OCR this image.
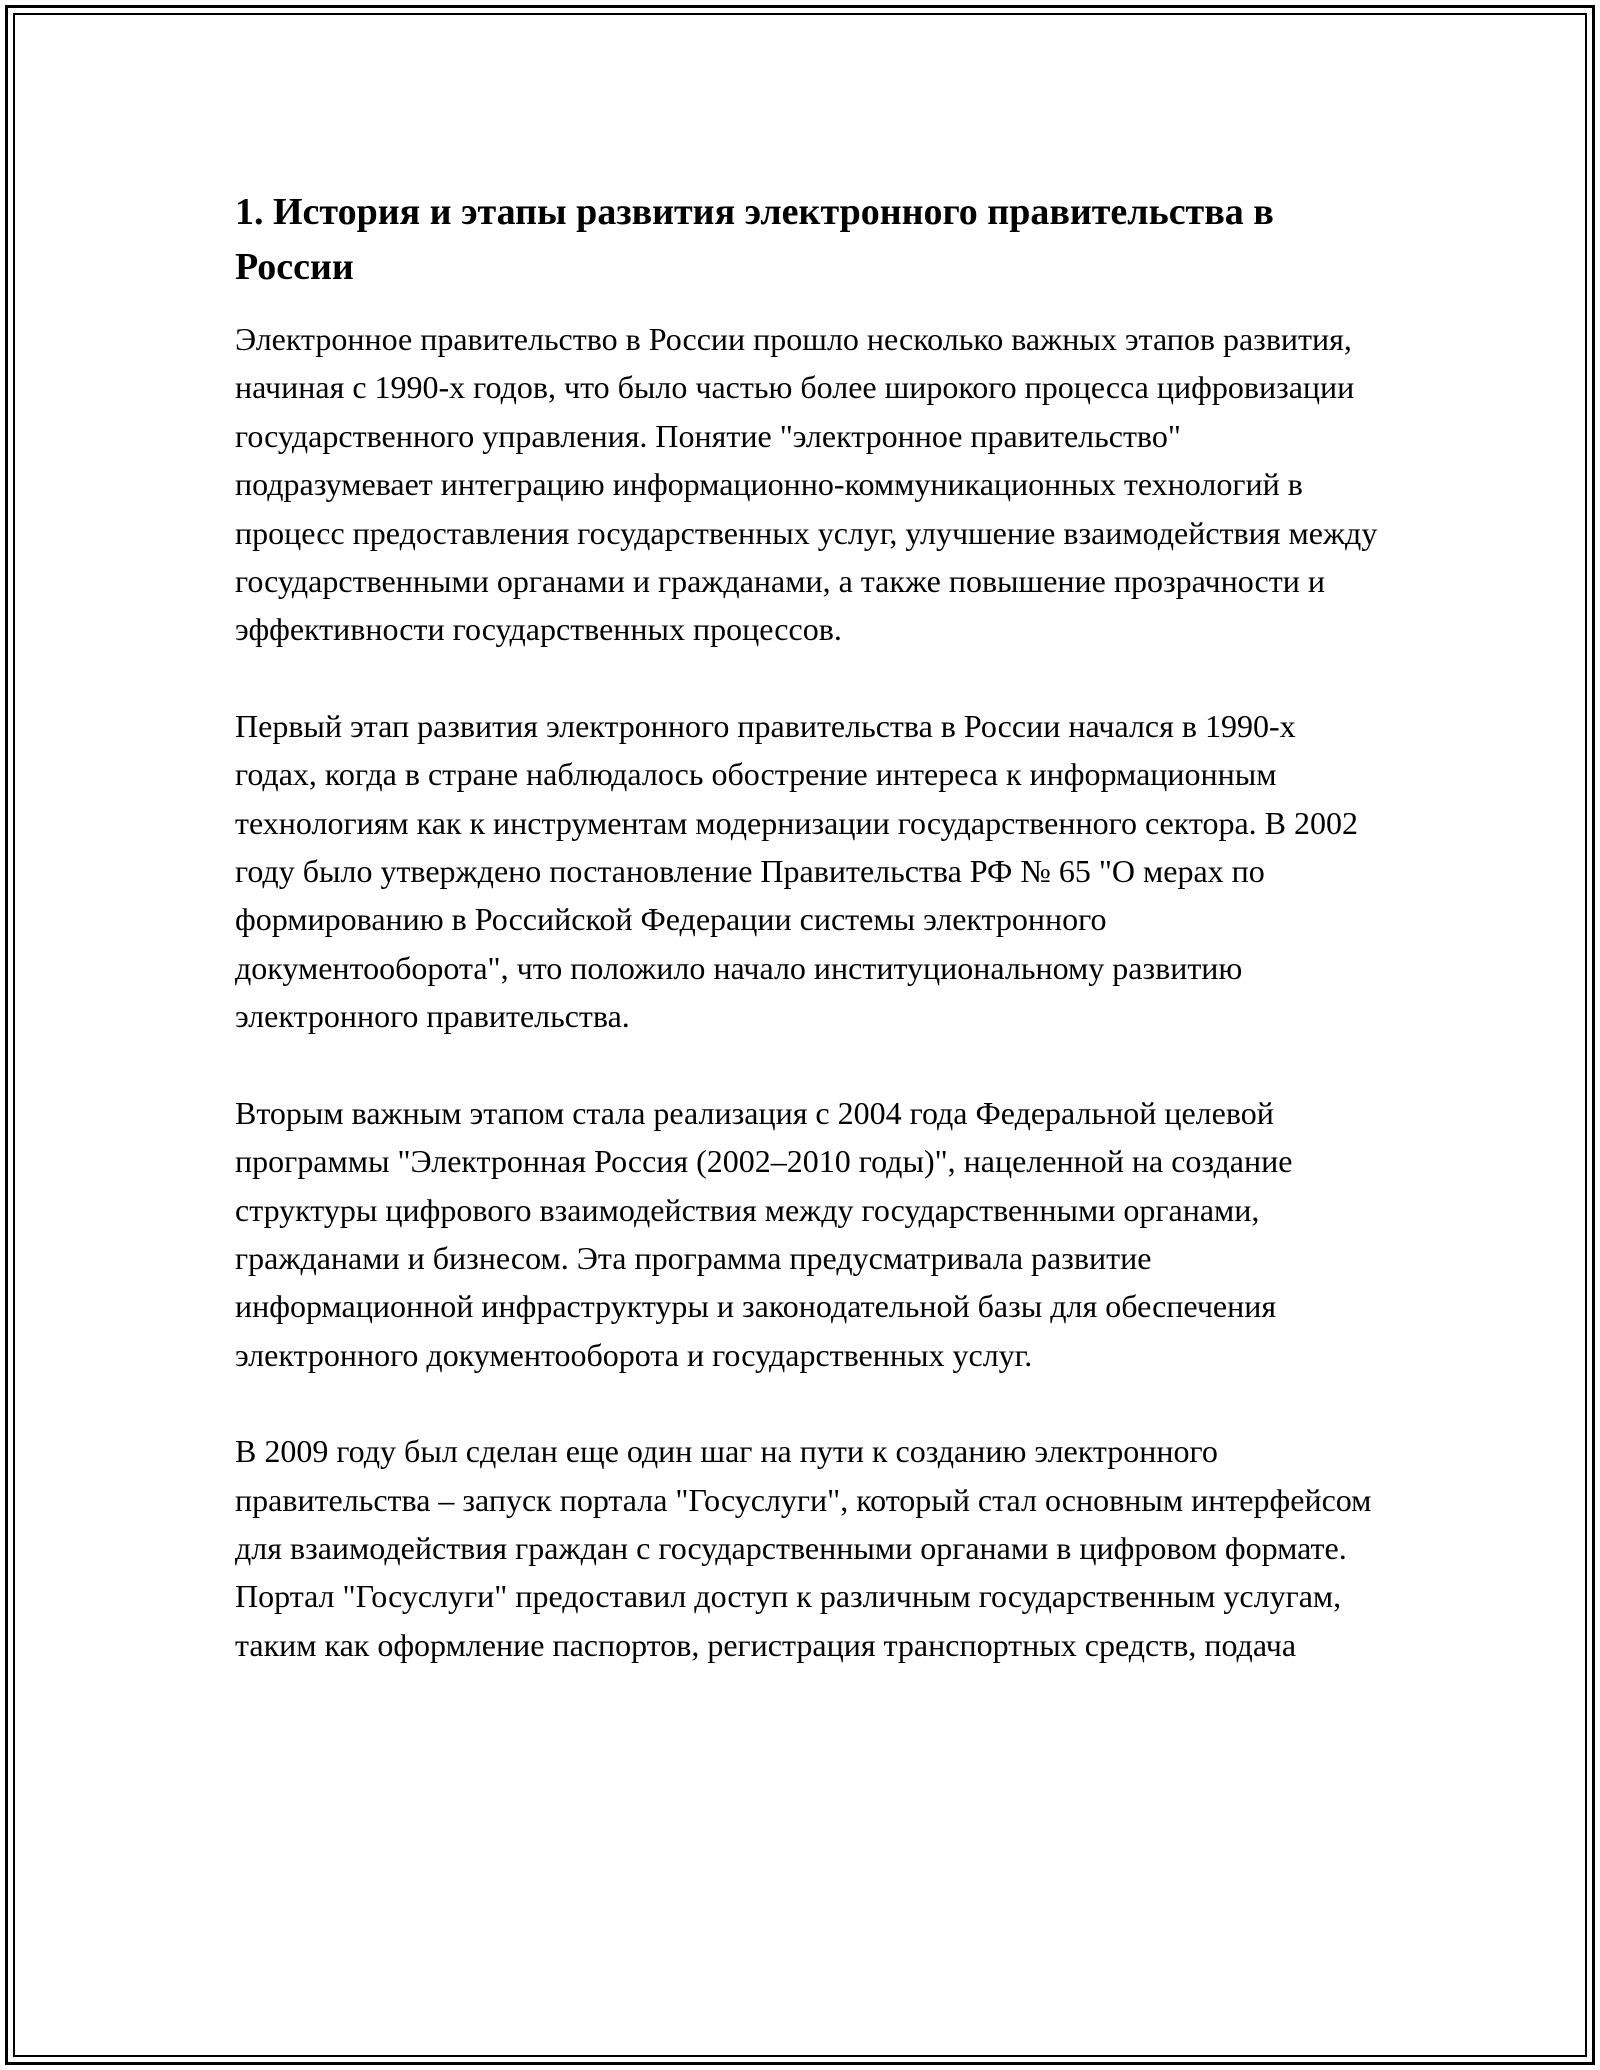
1. История и этапы развития электронного правительства в России

Электронное правительство в России прошло несколько важных этапов развития, начиная с 1990-х годов, что было частью более широкого процесса цифровизации государственного управления. Понятие "электронное правительство" подразумевает интеграцию информационно-коммуникационных технологий в процесс предоставления государственных услуг, улучшение взаимодействия между государственными органами и гражданами, а также повышение прозрачности и эффективности государственных процессов.

Первый этап развития электронного правительства в России начался в 1990-х годах, когда в стране наблюдалось обострение интереса к информационным технологиям как к инструментам модернизации государственного сектора. В 2002 году было утверждено постановление Правительства РФ № 65 "О мерах по формированию в Российской Федерации системы электронного документооборота", что положило начало институциональному развитию электронного правительства.

Вторым важным этапом стала реализация с 2004 года Федеральной целевой программы "Электронная Россия (2002–2010 годы)", нацеленной на создание структуры цифрового взаимодействия между государственными органами, гражданами и бизнесом. Эта программа предусматривала развитие информационной инфраструктуры и законодательной базы для обеспечения электронного документооборота и государственных услуг.

В 2009 году был сделан еще один шаг на пути к созданию электронного правительства – запуск портала "Госуслуги", который стал основным интерфейсом для взаимодействия граждан с государственными органами в цифровом формате. Портал "Госуслуги" предоставил доступ к различным государственным услугам, таким как оформление паспортов, регистрация транспортных средств, подача
